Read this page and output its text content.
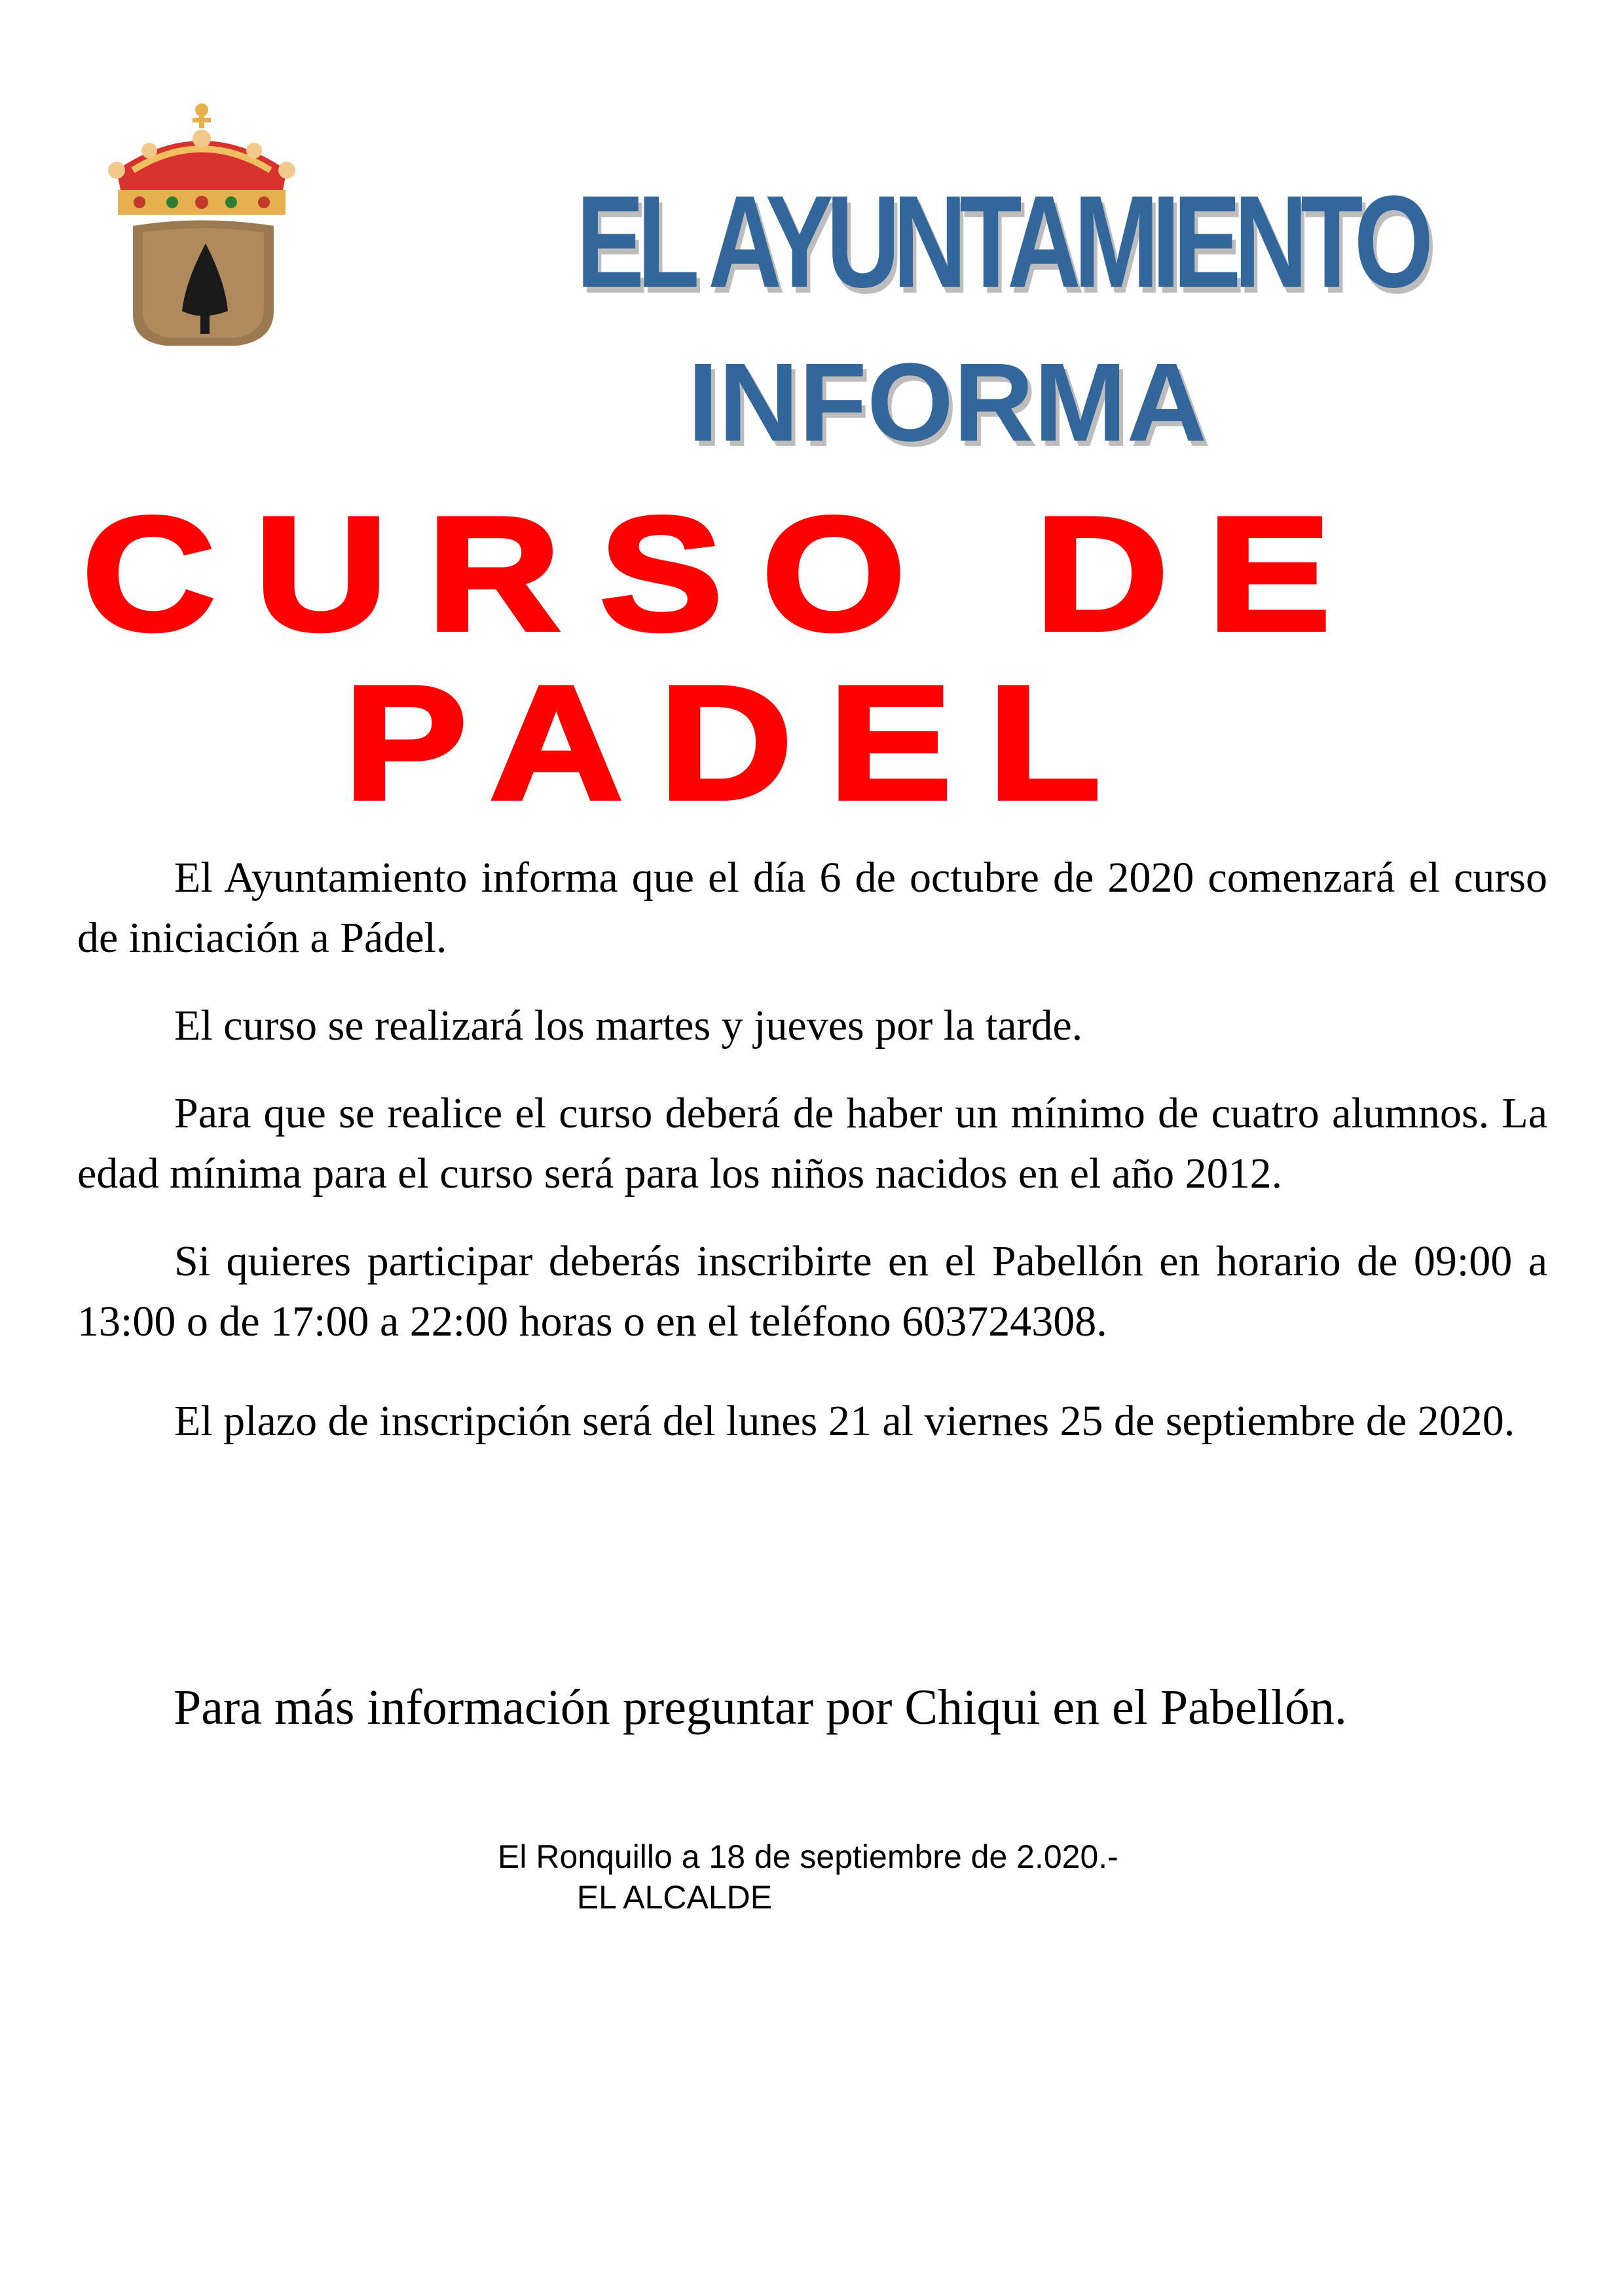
EL AYUNTAMIENTO
INFORMA
CURSO DE
PADEL

El Ayuntamiento informa que el día 6 de octubre de 2020 comenzará el curso de iniciación a Pádel.

El curso se realizará los martes y jueves por la tarde.

Para que se realice el curso deberá de haber un mínimo de cuatro alumnos. La edad mínima para el curso será para los niños nacidos en el año 2012.

Si quieres participar deberás inscribirte en el Pabellón en horario de 09:00 a 13:00 o de 17:00 a 22:00 horas o en el teléfono 603724308.

El plazo de inscripción será del lunes 21 al viernes 25 de septiembre de 2020.

Para más información preguntar por Chiqui en el Pabellón.

El Ronquillo a 18 de septiembre de 2.020.-
EL ALCALDE
